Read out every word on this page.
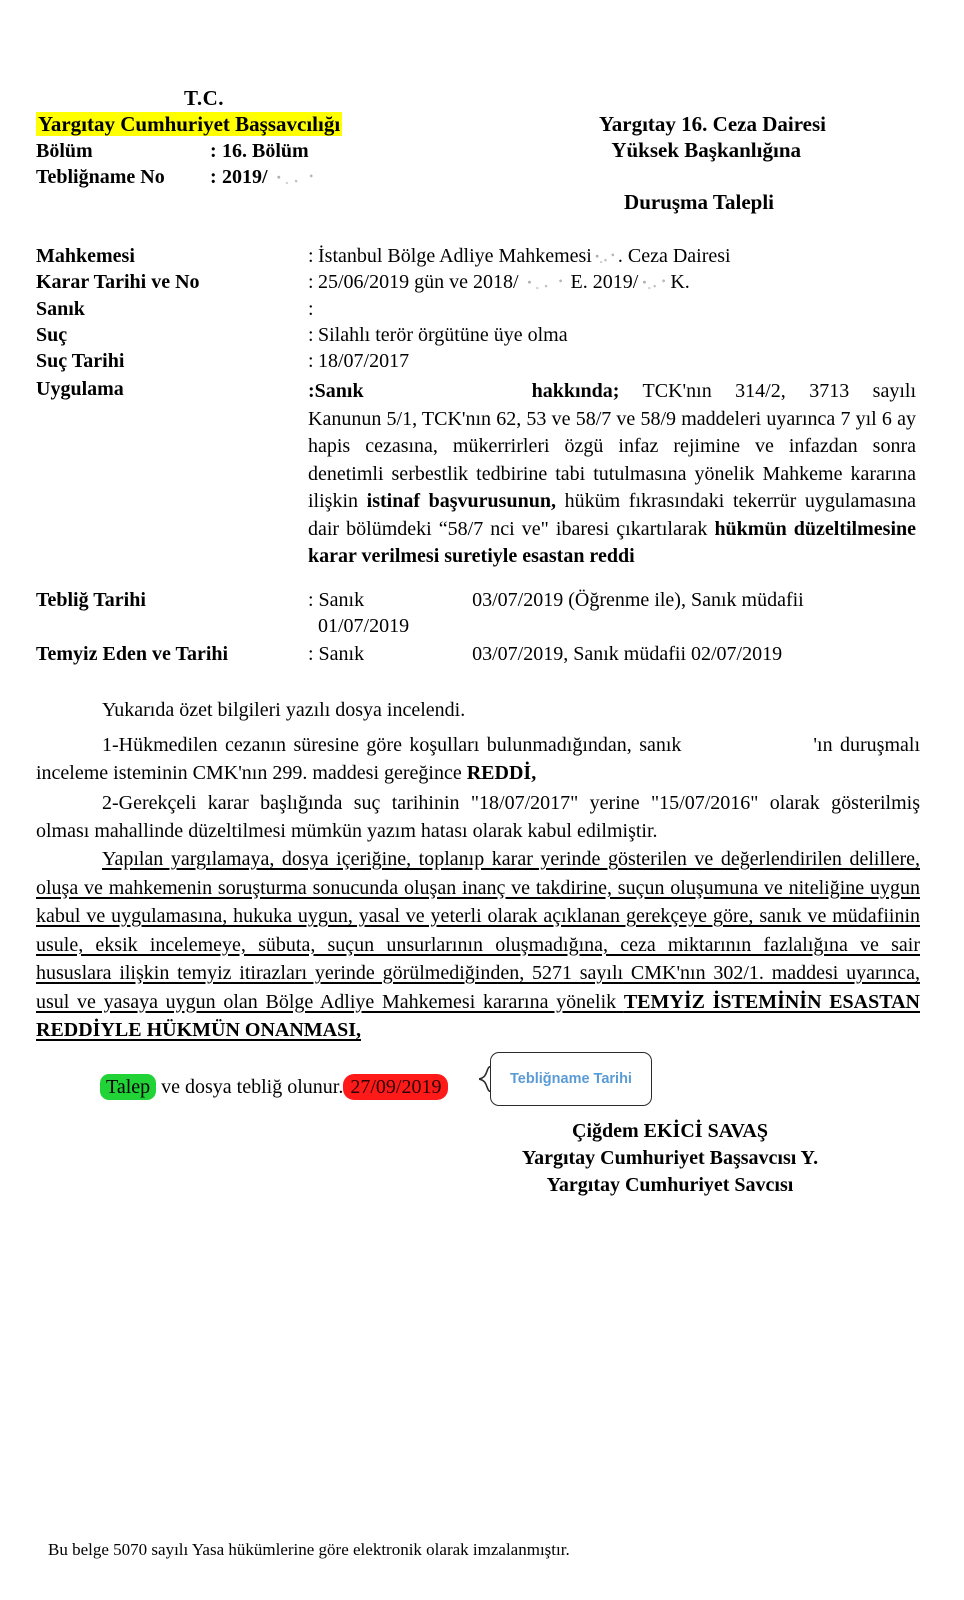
T.C.
Yargıtay Cumhuriyet Başsavcılığı
Bölüm	: 16. Bölüm
Tebliğname No : 2019/
Yargıtay 16. Ceza Dairesi
Yüksek Başkanlığına
Duruşma Talepli
Mahkemesi	: İstanbul Bölge Adliye Mahkemesi . Ceza Dairesi
Karar Tarihi ve No	: 25/06/2019 gün ve 2018/	E. 2019/ K.
Sanık	:
Suç	: Silahlı terör örgütüne üye olma
Suç Tarihi	: 18/07/2017
Uygulama	:Sanık	hakkında; TCK'nın 314/2, 3713 sayılı Kanunun 5/1, TCK'nın 62, 53 ve 58/7 ve 58/9 maddeleri uyarınca 7 yıl 6 ay hapis cezasına, mükerrirleri özgü infaz rejimine ve infazdan sonra denetimli serbestlik tedbirine tabi tutulmasına yönelik Mahkeme kararına ilişkin istinaf başvurusunun, hüküm fıkrasındaki tekerrür uygulamasına dair bölümdeki “58/7 nci ve" ibaresi çıkartılarak hükmün düzeltilmesine karar verilmesi suretiyle esastan reddi
Tebliğ Tarihi	: Sanık	03/07/2019 (Öğrenme ile), Sanık müdafii
01/07/2019
Temyiz Eden ve Tarihi	: Sanık	03/07/2019, Sanık müdafii 02/07/2019
Yukarıda özet bilgileri yazılı dosya incelendi.
1-Hükmedilen cezanın süresine göre koşulları bulunmadığından, sanık	'ın duruşmalı inceleme isteminin CMK'nın 299. maddesi gereğince REDDİ,
2-Gerekçeli karar başlığında suç tarihinin "18/07/2017" yerine "15/07/2016" olarak gösterilmiş olması mahallinde düzeltilmesi mümkün yazım hatası olarak kabul edilmiştir.
Yapılan yargılamaya, dosya içeriğine, toplanıp karar yerinde gösterilen ve değerlendirilen delillere, oluşa ve mahkemenin soruşturma sonucunda oluşan inanç ve takdirine, suçun oluşumuna ve niteliğine uygun kabul ve uygulamasına, hukuka uygun, yasal ve yeterli olarak açıklanan gerekçeye göre, sanık ve müdafiinin usule, eksik incelemeye, sübuta, suçun unsurlarının oluşmadığına, ceza miktarının fazlalığına ve sair hususlara ilişkin temyiz itirazları yerinde görülmediğinden, 5271 sayılı CMK'nın 302/1. maddesi uyarınca, usul ve yasaya uygun olan Bölge Adliye Mahkemesi kararına yönelik TEMYİZ İSTEMİNİN ESASTAN REDDİYLE HÜKMÜN ONANMASI,
Talep ve dosya tebliğ olunur. 27/09/2019	Tebliğname Tarihi
Çiğdem EKİCİ SAVAŞ
Yargıtay Cumhuriyet Başsavcısı Y.
Yargıtay Cumhuriyet Savcısı
Bu belge 5070 sayılı Yasa hükümlerine göre elektronik olarak imzalanmıştır.
